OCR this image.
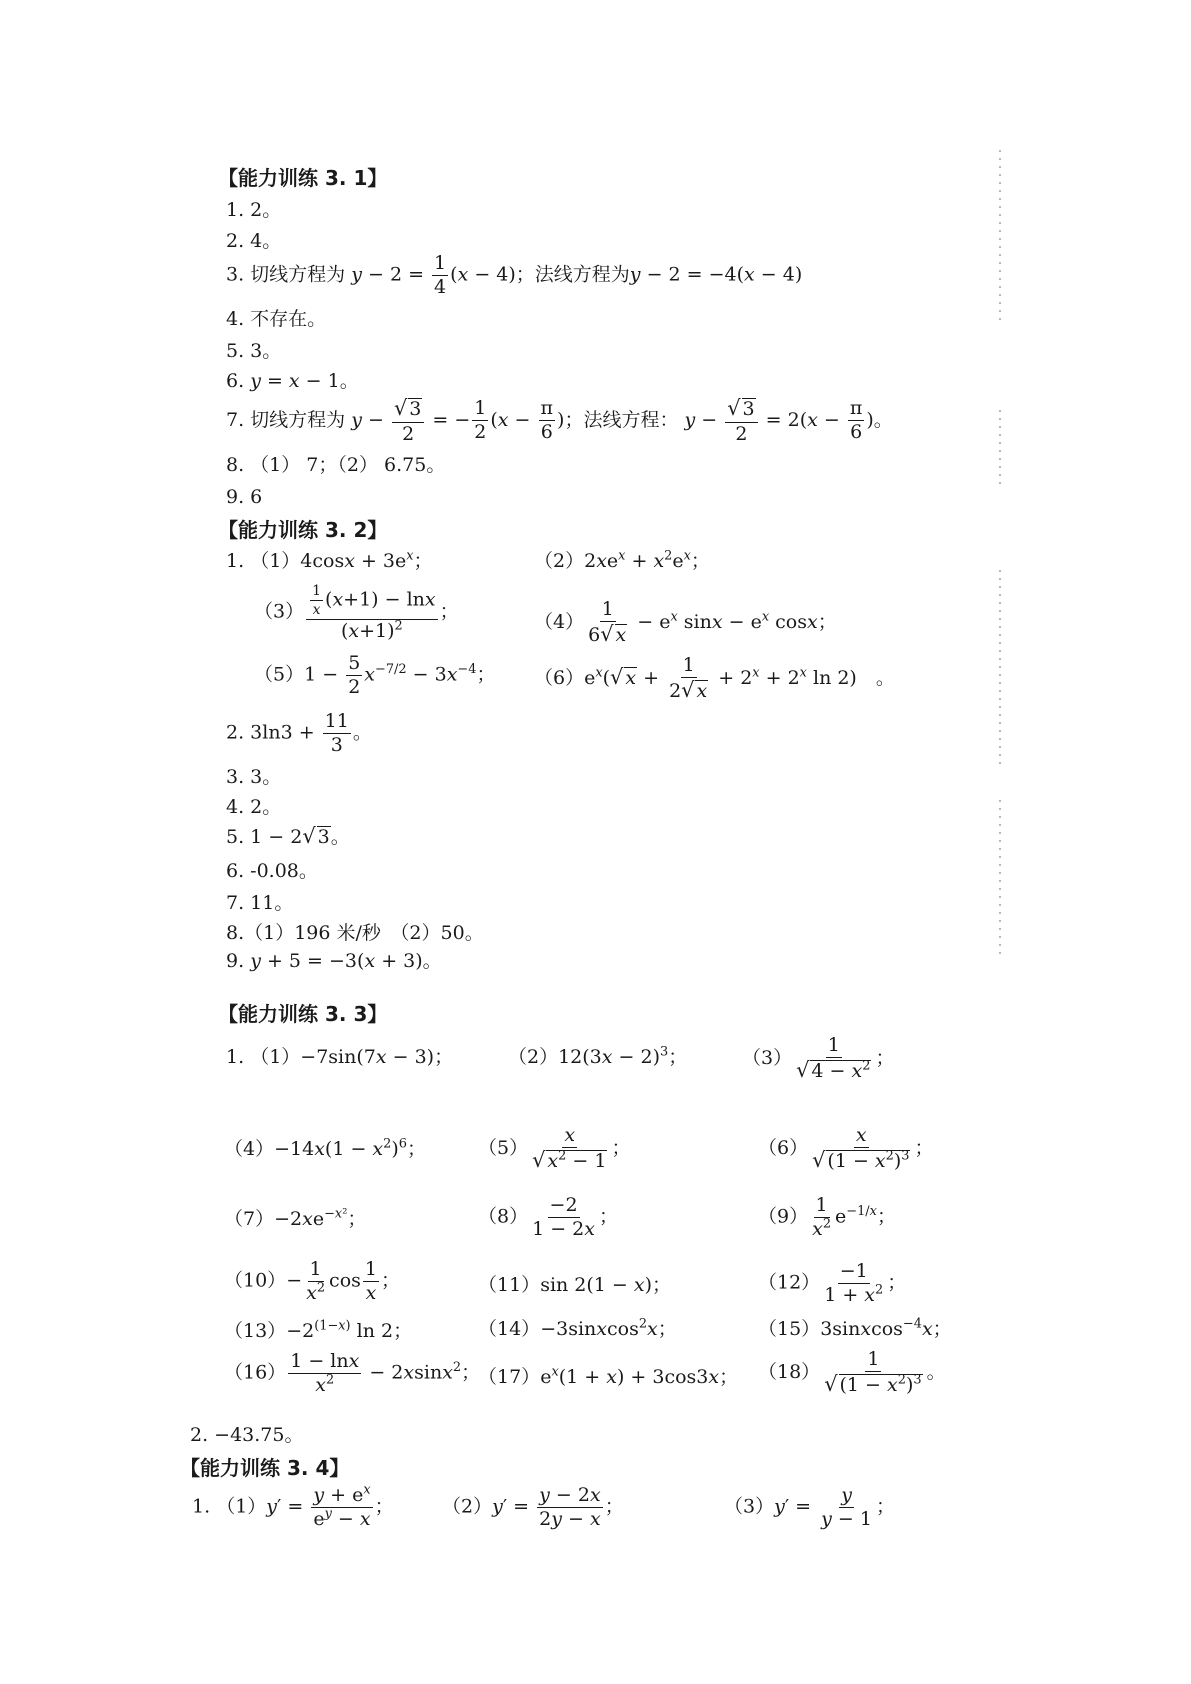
【能力训练 3. 1】
1. 2。
2. 4。
3. 切线方程为 $y - 2 = \frac{1}{4} (x - 4)$；法线方程为y − 2 = −4(x − 4)
4. 不存在。
5. 3。
6. y = x − 1。
7. 切线方程为 $y - \frac{√ 3}{2}$ = − $\frac{1}{2} (x - \frac{\pi}{6}$ )；法线方程： $y - \frac{√ 3}{2} = 2(x - \frac{\pi}{6}$ )。
8. （1） 7；（2） 6.75。
9. 6
【能力训练 3. 2】
1. $(1)4\cos x + 3e^x$；	$(2)2xe^x + x^2e^x$；
$(3) \frac{\frac{1}{x} (x+1) - \ln x}{(x+1)^2}$ ；	$(4) \frac{1}{6 √ x} - e^x$ $\sin x - e^x$ cosx；
$(5)1 - \frac{5}{2} x^{-7/2} - 3x^{-4}$； $(6)e^x$( √ $x + \frac{1}{2 √ x} + 2^x + 2^x$ ln 2)　。
2. $3\ln 3 + \frac{11}{3}$ 。
3. 3。
4. 2。
5. 1 − 2 √ 3 。
6. -0.08。
7. 11。
8.（1）196 米/秒　（2）50。
9. y + 5 = −3(x + 3)。
【能力训练 3. 3】
1. （1）−7sin(7x − 3)；	$(2)12(3x - 2)^3$；	$(3) \frac{1}{√ 4 - x^2}$ ；
$(4)-14x(1 - x^2)^6$；	$(5) \frac{x}{√ x^2 - 1}$ ；	$(6) \frac{x}{√ (1 - x^2)^3}$ ；
$(7)-2xe^{-x^2}$；	$(8) \frac{-2}{1 - 2x}$ ；	$(9) \frac{1}{x^2} e^{-1/x}$；
$(10)- \frac{1}{x^2}$ $\cos \frac{1}{x}$ ；	（11）sin 2(1 − x)；	$(12) \frac{-1}{1 + x^2}$ ；
$(13)-2^{(1-x)}$ ln 2；	（14）−3sinxcos$^2$x；	（15）3sinxcos$^{-4}$x；
$(16) \frac{1 - \ln x}{x^2} - 2xsinx^2$；
$(17)e^x(1 + x) + 3\cos 3x$； $(18) \frac{1}{√ (1 - x^2)^3}$ 。
2. −43.75。
【能力训练 3. 4】
1. $(1)y' = \frac{y + e^x}{e^y - x}$ ；	$(2)y' = \frac{y - 2x}{2y - x}$ ；	$(3)y' = \frac{y}{y - 1}$ ；
